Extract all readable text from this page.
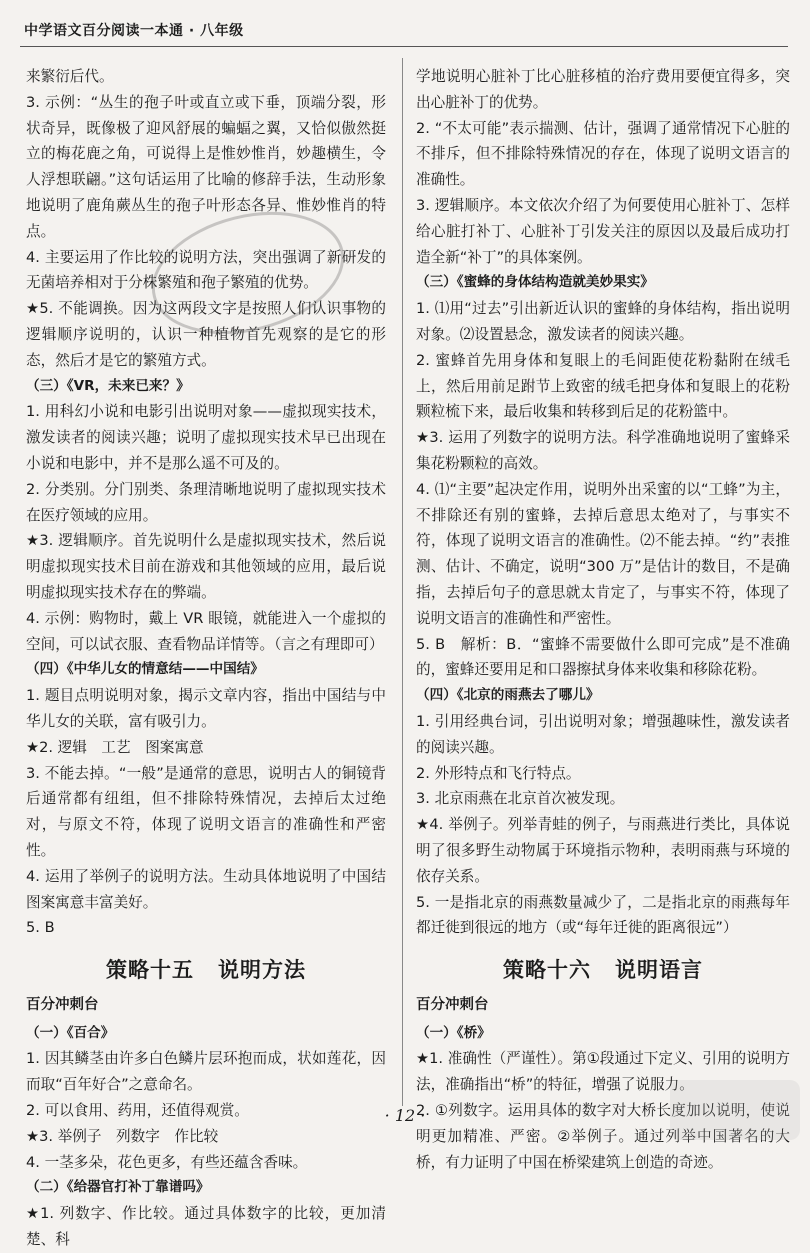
中学语文百分阅读一本通 · 八年级

来繁衍后代。

3. 示例：“丛生的孢子叶或直立或下垂，顶端分裂，形状奇异，既像极了迎风舒展的蝙蝠之翼，又恰似傲然挺立的梅花鹿之角，可说得上是惟妙惟肖，妙趣横生，令人浮想联翩。”这句话运用了比喻的修辞手法，生动形象地说明了鹿角蕨丛生的孢子叶形态各异、惟妙惟肖的特点。

4. 主要运用了作比较的说明方法，突出强调了新研发的无菌培养相对于分株繁殖和孢子繁殖的优势。

★5. 不能调换。因为这两段文字是按照人们认识事物的逻辑顺序说明的，认识一种植物首先观察的是它的形态，然后才是它的繁殖方式。

（三）《VR，未来已来？》

1. 用科幻小说和电影引出说明对象——虚拟现实技术，激发读者的阅读兴趣；说明了虚拟现实技术早已出现在小说和电影中，并不是那么遥不可及的。

2. 分类别。分门别类、条理清晰地说明了虚拟现实技术在医疗领域的应用。

★3. 逻辑顺序。首先说明什么是虚拟现实技术，然后说明虚拟现实技术目前在游戏和其他领域的应用，最后说明虚拟现实技术存在的弊端。

4. 示例：购物时，戴上 VR 眼镜，就能进入一个虚拟的空间，可以试衣服、查看物品详情等。（言之有理即可）

（四）《中华儿女的情意结——中国结》

1. 题目点明说明对象，揭示文章内容，指出中国结与中华儿女的关联，富有吸引力。

★2. 逻辑　工艺　图案寓意

3. 不能去掉。“一般”是通常的意思，说明古人的铜镜背后通常都有纽组，但不排除特殊情况，去掉后太过绝对，与原文不符，体现了说明文语言的准确性和严密性。

4. 运用了举例子的说明方法。生动具体地说明了中国结图案寓意丰富美好。

5. B

策略十五 说明方法

百分冲刺台

（一）《百合》

1. 因其鳞茎由许多白色鳞片层环抱而成，状如莲花，因而取“百年好合”之意命名。

2. 可以食用、药用，还值得观赏。

★3. 举例子　列数字　作比较

4. 一茎多朵，花色更多，有些还蕴含香味。

（二）《给器官打补丁靠谱吗》

★1. 列数字、作比较。通过具体数字的比较，更加清楚、科

学地说明心脏补丁比心脏移植的治疗费用要便宜得多，突出心脏补丁的优势。

2. “不太可能”表示揣测、估计，强调了通常情况下心脏的不排斥，但不排除特殊情况的存在，体现了说明文语言的准确性。

3. 逻辑顺序。本文依次介绍了为何要使用心脏补丁、怎样给心脏打补丁、心脏补丁引发关注的原因以及最后成功打造全新“补丁”的具体案例。

（三）《蜜蜂的身体结构造就美妙果实》

1. ⑴用“过去”引出新近认识的蜜蜂的身体结构，指出说明对象。⑵设置悬念，激发读者的阅读兴趣。

2. 蜜蜂首先用身体和复眼上的毛间距使花粉黏附在绒毛上，然后用前足跗节上致密的绒毛把身体和复眼上的花粉颗粒梳下来，最后收集和转移到后足的花粉篮中。

★3. 运用了列数字的说明方法。科学准确地说明了蜜蜂采集花粉颗粒的高效。

4. ⑴“主要”起决定作用，说明外出采蜜的以“工蜂”为主，不排除还有别的蜜蜂，去掉后意思太绝对了，与事实不符，体现了说明文语言的准确性。⑵不能去掉。“约”表推测、估计、不确定，说明“300 万”是估计的数目，不是确指，去掉后句子的意思就太肯定了，与事实不符，体现了说明文语言的准确性和严密性。

5. B　解析：B．“蜜蜂不需要做什么即可完成”是不准确的，蜜蜂还要用足和口器擦拭身体来收集和移除花粉。

（四）《北京的雨燕去了哪儿》

1. 引用经典台词，引出说明对象；增强趣味性，激发读者的阅读兴趣。

2. 外形特点和飞行特点。

3. 北京雨燕在北京首次被发现。

★4. 举例子。列举青蛙的例子，与雨燕进行类比，具体说明了很多野生动物属于环境指示物种，表明雨燕与环境的依存关系。

5. 一是指北京的雨燕数量减少了，二是指北京的雨燕每年都迁徙到很远的地方（或“每年迁徙的距离很远”）

策略十六 说明语言

百分冲刺台

（一）《桥》

★1. 准确性（严谨性）。第①段通过下定义、引用的说明方法，准确指出“桥”的特征，增强了说服力。

2. ①列数字。运用具体的数字对大桥长度加以说明，使说明更加精准、严密。②举例子。通过列举中国著名的大桥，有力证明了中国在桥梁建筑上创造的奇迹。

· 12 ·
